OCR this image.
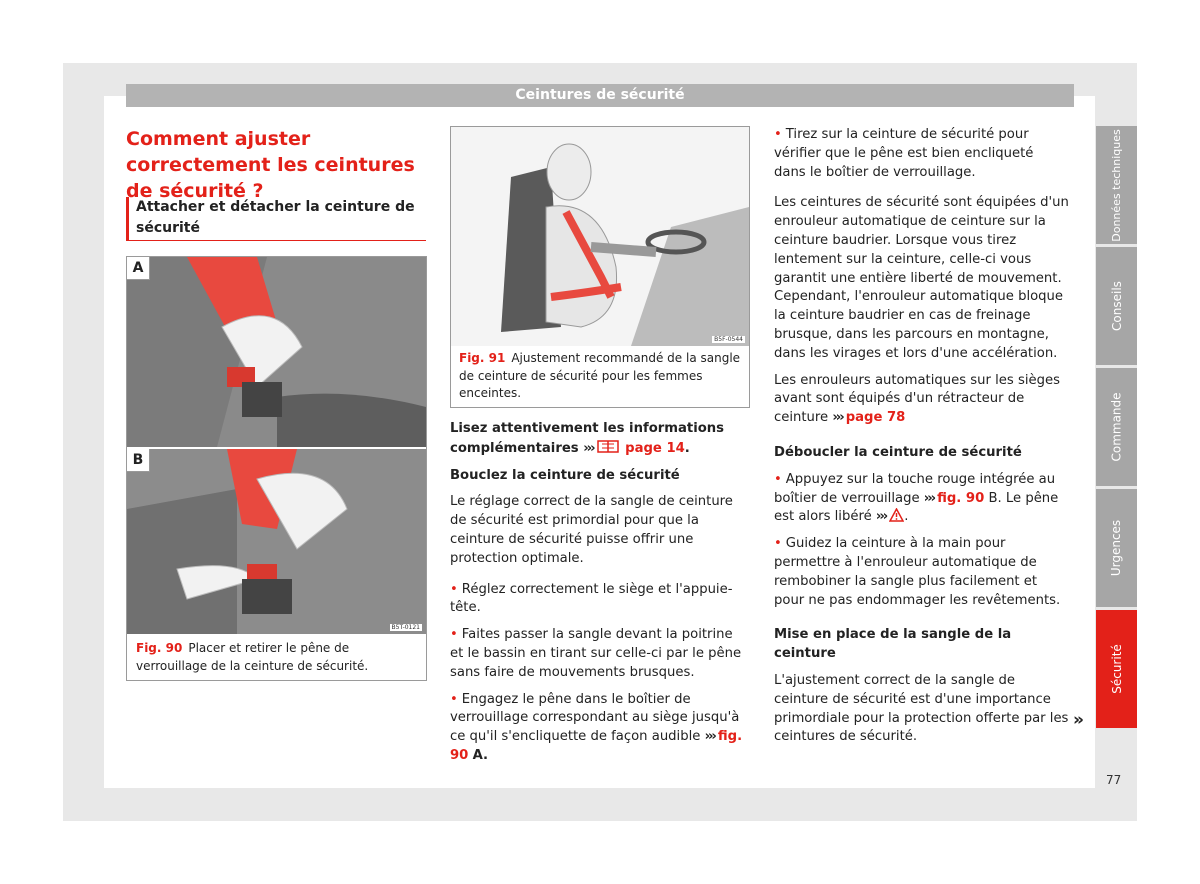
Ceintures de sécurité
Données techniques
Conseils
Commande
Urgences
Sécurité
77
Comment ajuster correctement les ceintures de sécurité ?
Attacher et détacher la ceinture de sécurité
A
B
B5T-0121
Fig. 90 Placer et retirer le pêne de verrouillage de la ceinture de sécurité.
B5F-0544
Fig. 91 Ajustement recommandé de la sangle de ceinture de sécurité pour les femmes enceintes.

Lisez attentivement les informations complémentaires ››› page 14.

Bouclez la ceinture de sécurité

Le réglage correct de la sangle de ceinture de sécurité est primordial pour que la ceinture de sécurité puisse offrir une protection optimale.

• Réglez correctement le siège et l'appuie-tête.

• Faites passer la sangle devant la poitrine et le bassin en tirant sur celle-ci par le pêne sans faire de mouvements brusques.

• Engagez le pêne dans le boîtier de verrouillage correspondant au siège jusqu'à ce qu'il s'encliquette de façon audible ››› fig. 90 A.

• Tirez sur la ceinture de sécurité pour vérifier que le pêne est bien encliqueté dans le boîtier de verrouillage.

Les ceintures de sécurité sont équipées d'un enrouleur automatique de ceinture sur la ceinture baudrier. Lorsque vous tirez lentement sur la ceinture, celle-ci vous garantit une entière liberté de mouvement. Cependant, l'enrouleur automatique bloque la ceinture baudrier en cas de freinage brusque, dans les parcours en montagne, dans les virages et lors d'une accélération.

Les enrouleurs automatiques sur les sièges avant sont équipés d'un rétracteur de ceinture ››› page 78

Déboucler la ceinture de sécurité

• Appuyez sur la touche rouge intégrée au boîtier de verrouillage ››› fig. 90 B. Le pêne est alors libéré ››› .

• Guidez la ceinture à la main pour permettre à l'enrouleur automatique de rembobiner la sangle plus facilement et pour ne pas endommager les revêtements.

Mise en place de la sangle de la ceinture

L'ajustement correct de la sangle de ceinture de sécurité est d'une importance primordiale pour la protection offerte par les ceintures de sécurité.

»
